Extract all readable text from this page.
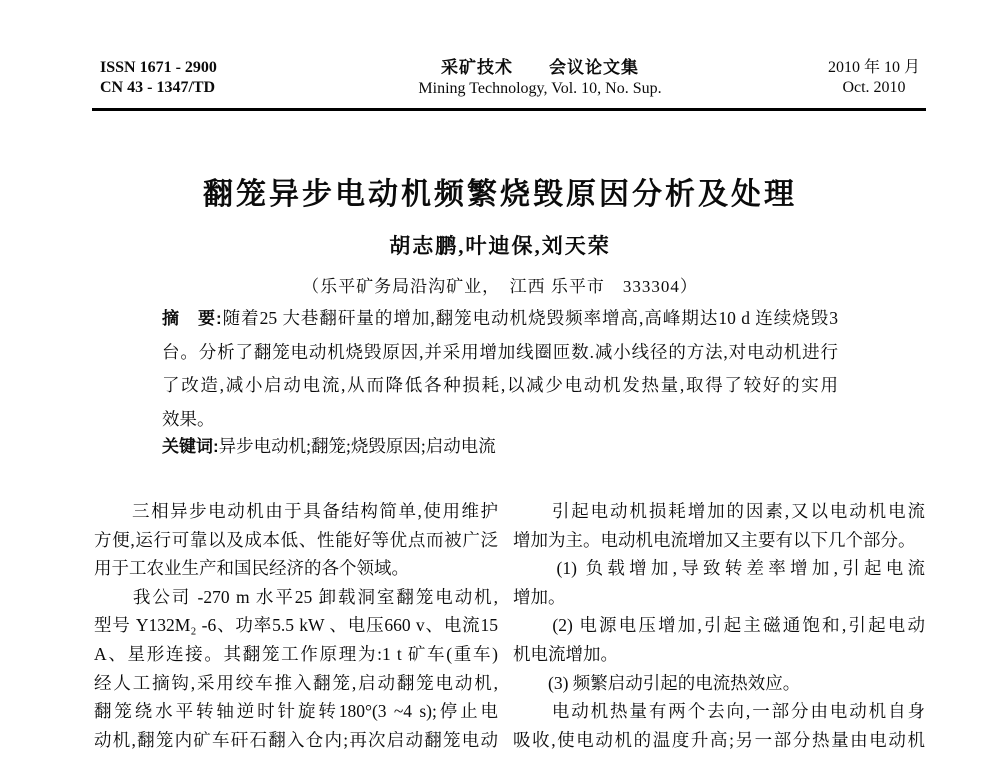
ISSN 1671 - 2900
CN 43 - 1347/TD
采矿技术　　会议论文集
Mining Technology, Vol. 10, No. Sup.
2010 年 10 月
Oct. 2010
翻笼异步电动机频繁烧毁原因分析及处理
胡志鹏,叶迪保,刘天荣
（乐平矿务局沿沟矿业，　江西 乐平市　333304）
摘　要:随着25 大巷翻矸量的增加,翻笼电动机烧毁频率增高,高峰期达10 d 连续烧毁3
台。分析了翻笼电动机烧毁原因,并采用增加线圈匝数.减小线径的方法,对电动机进行
了改造,减小启动电流,从而降低各种损耗,以减少电动机发热量,取得了较好的实用
效果。
关键词:异步电动机;翻笼;烧毁原因;启动电流
　　三相异步电动机由于具备结构简单,使用维护
方便,运行可靠以及成本低、性能好等优点而被广泛
用于工农业生产和国民经济的各个领域。
　　我公司 -270 m 水平25 卸载洞室翻笼电动机,
型号 Y132M₂ -6、功率5.5 kW 、电压660 v、电流15
A、星形连接。其翻笼工作原理为:1 t 矿车(重车)
经人工摘钩,采用绞车推入翻笼,启动翻笼电动机,
翻笼绕水平转轴逆时针旋转180°(3 ~4 s);停止电
动机,翻笼内矿车矸石翻入仓内;再次启动翻笼电动
　　引起电动机损耗增加的因素,又以电动机电流
增加为主。电动机电流增加又主要有以下几个部分。
　　(1) 负载增加,导致转差率增加,引起电流
增加。
　　(2) 电源电压增加,引起主磁通饱和,引起电动
机电流增加。
　　(3) 频繁启动引起的电流热效应。
　　电动机热量有两个去向,一部分由电动机自身
吸收,使电动机的温度升高;另一部分热量由电动机
